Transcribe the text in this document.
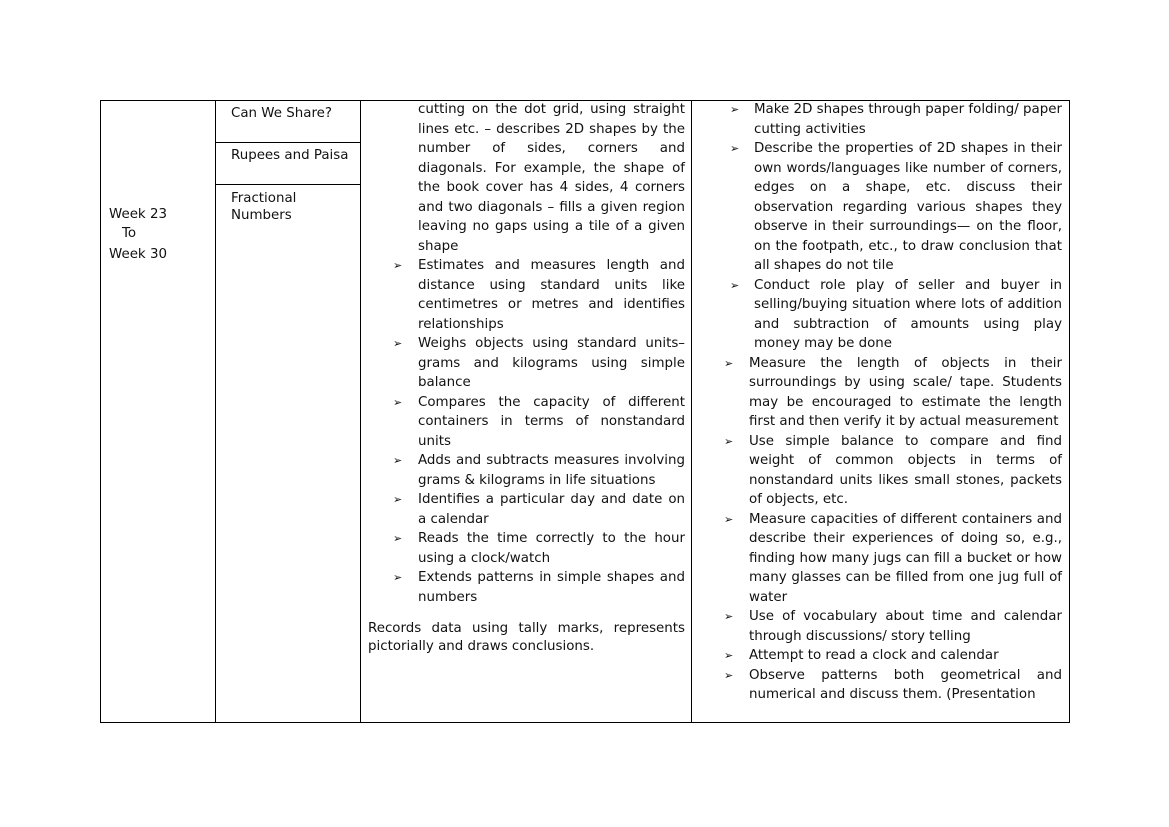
Week 23
To
Week 30
Can We Share?
Rupees and Paisa
Fractional Numbers
cutting on the dot grid, using straight lines etc. – describes 2D shapes by the number of sides, corners and diagonals. For example, the shape of the book cover has 4 sides, 4 corners and two diagonals – fills a given region leaving no gaps using a tile of a given shape
➢ Estimates and measures length and distance using standard units like centimetres or metres and identifies relationships
➢ Weighs objects using standard units– grams and kilograms using simple balance
➢ Compares the capacity of different containers in terms of nonstandard units
➢ Adds and subtracts measures involving grams & kilograms in life situations
➢ Identifies a particular day and date on a calendar
➢ Reads the time correctly to the hour using a clock/watch
➢ Extends patterns in simple shapes and numbers
Records data using tally marks, represents pictorially and draws conclusions.
➢ Make 2D shapes through paper folding/ paper cutting activities
➢ Describe the properties of 2D shapes in their own words/languages like number of corners, edges on a shape, etc. discuss their observation regarding various shapes they observe in their surroundings— on the floor, on the footpath, etc., to draw conclusion that all shapes do not tile
➢ Conduct role play of seller and buyer in selling/buying situation where lots of addition and subtraction of amounts using play money may be done
➢ Measure the length of objects in their surroundings by using scale/ tape. Students may be encouraged to estimate the length first and then verify it by actual measurement
➢ Use simple balance to compare and find weight of common objects in terms of nonstandard units likes small stones, packets of objects, etc.
➢ Measure capacities of different containers and describe their experiences of doing so, e.g., finding how many jugs can fill a bucket or how many glasses can be filled from one jug full of water
➢ Use of vocabulary about time and calendar through discussions/ story telling
➢ Attempt to read a clock and calendar
➢ Observe patterns both geometrical and numerical and discuss them. (Presentation
